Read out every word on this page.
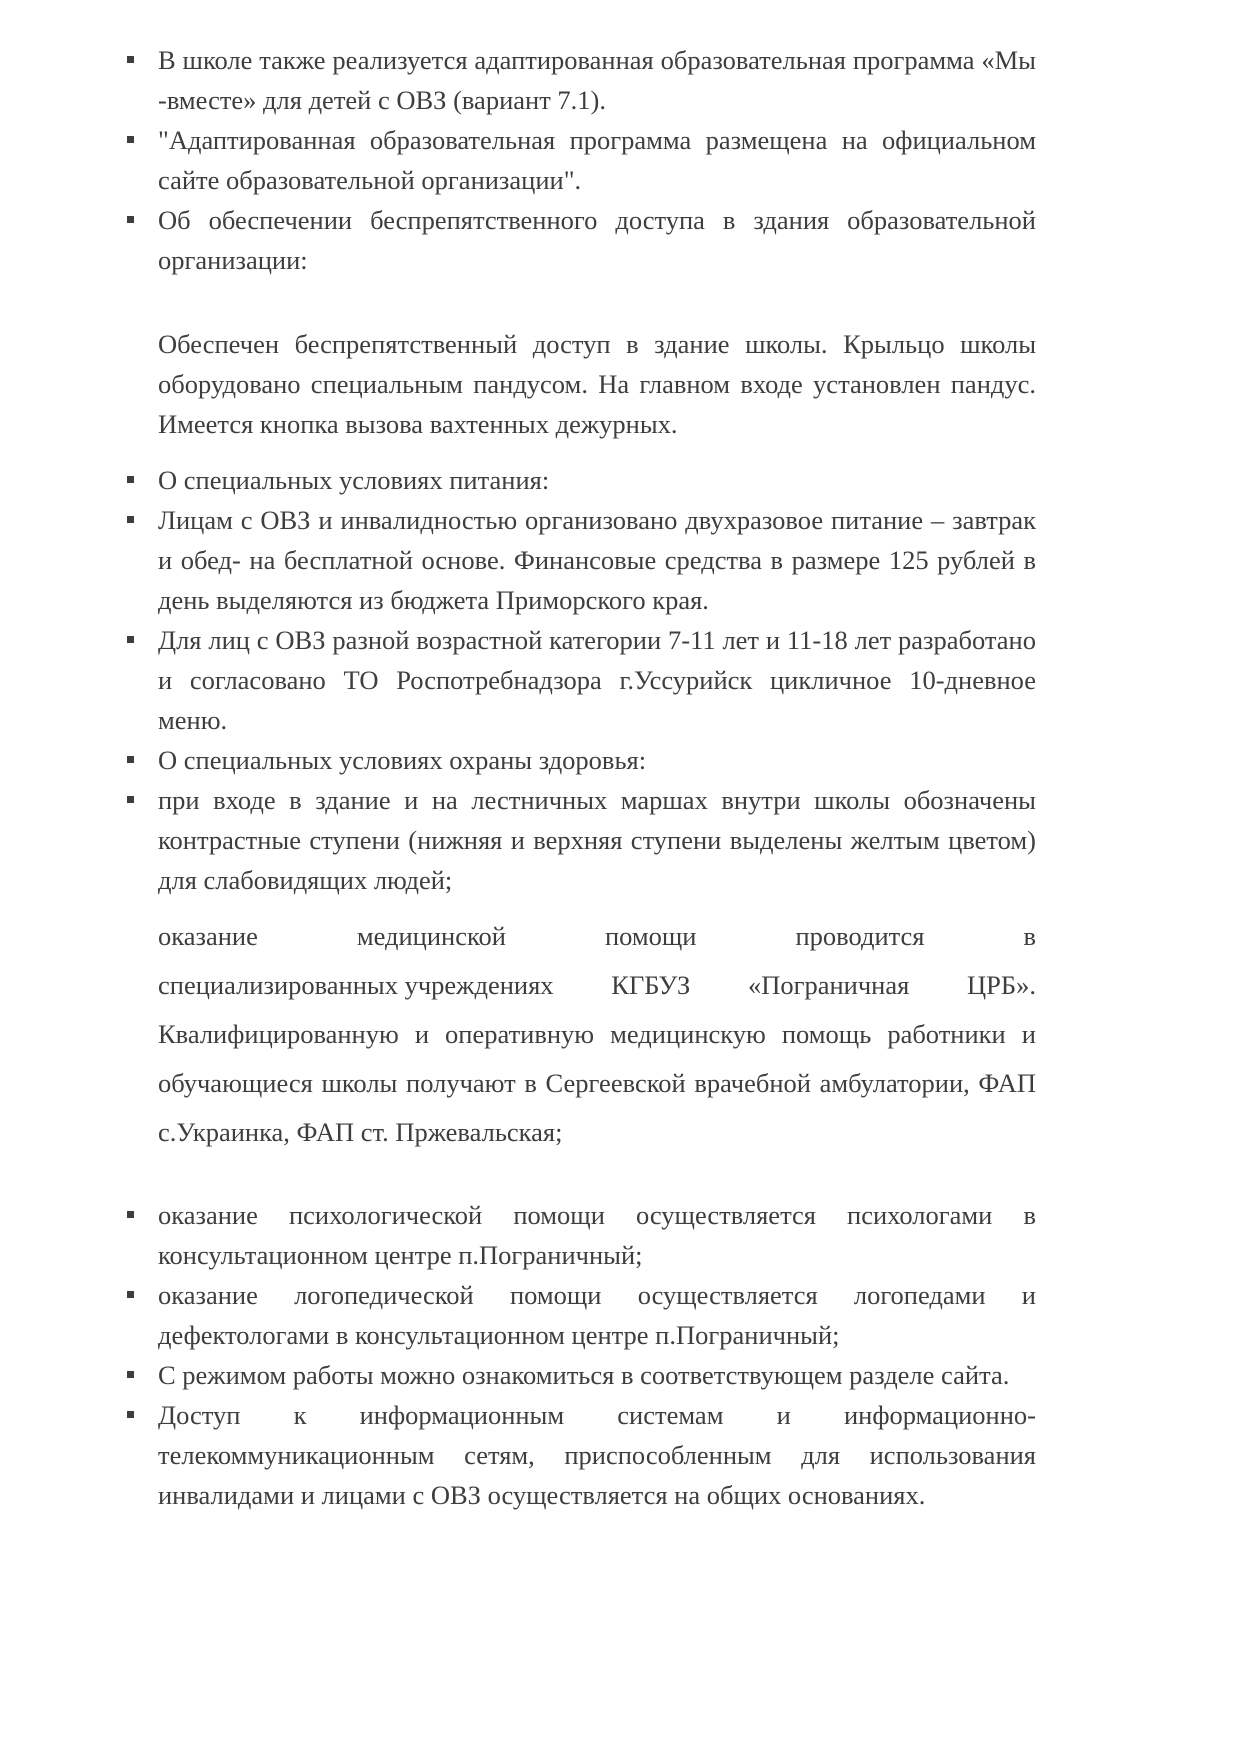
В школе также реализуется адаптированная образовательная программа «Мы -вместе» для детей с ОВЗ (вариант 7.1).

"Адаптированная образовательная программа размещена на официальном сайте образовательной организации".

Об обеспечении беспрепятственного доступа в здания образовательной организации:

Обеспечен беспрепятственный доступ в здание школы. Крыльцо школы оборудовано специальным пандусом. На главном входе установлен пандус. Имеется кнопка вызова вахтенных дежурных.

О специальных условиях питания:

Лицам с ОВЗ и инвалидностью организовано двухразовое питание – завтрак и обед- на бесплатной основе. Финансовые средства в размере 125 рублей в день выделяются из бюджета Приморского края.

Для лиц с ОВЗ разной возрастной категории 7-11 лет и 11-18 лет разработано и согласовано ТО Роспотребнадзора г.Уссурийск цикличное 10-дневное меню.

О специальных условиях охраны здоровья:

при входе в здание и на лестничных маршах внутри школы обозначены контрастные ступени (нижняя и верхняя ступени выделены желтым цветом) для слабовидящих людей;

оказание	медицинской	помощи	проводится	в
специализированных учреждениях КГБУЗ «Пограничная ЦРБ».
Квалифицированную и оперативную медицинскую помощь работники и
обучающиеся школы получают в Сергеевской врачебной амбулатории, ФАП
с.Украинка, ФАП ст. Пржевальская;

оказание психологической помощи осуществляется психологами в консультационном центре п.Пограничный;

оказание логопедической помощи осуществляется логопедами и дефектологами в консультационном центре п.Пограничный;

С режимом работы можно ознакомиться в соответствующем разделе сайта.

Доступ к информационным системам и информационно-телекоммуникационным сетям, приспособленным для использования инвалидами и лицами с ОВЗ осуществляется на общих основаниях.
